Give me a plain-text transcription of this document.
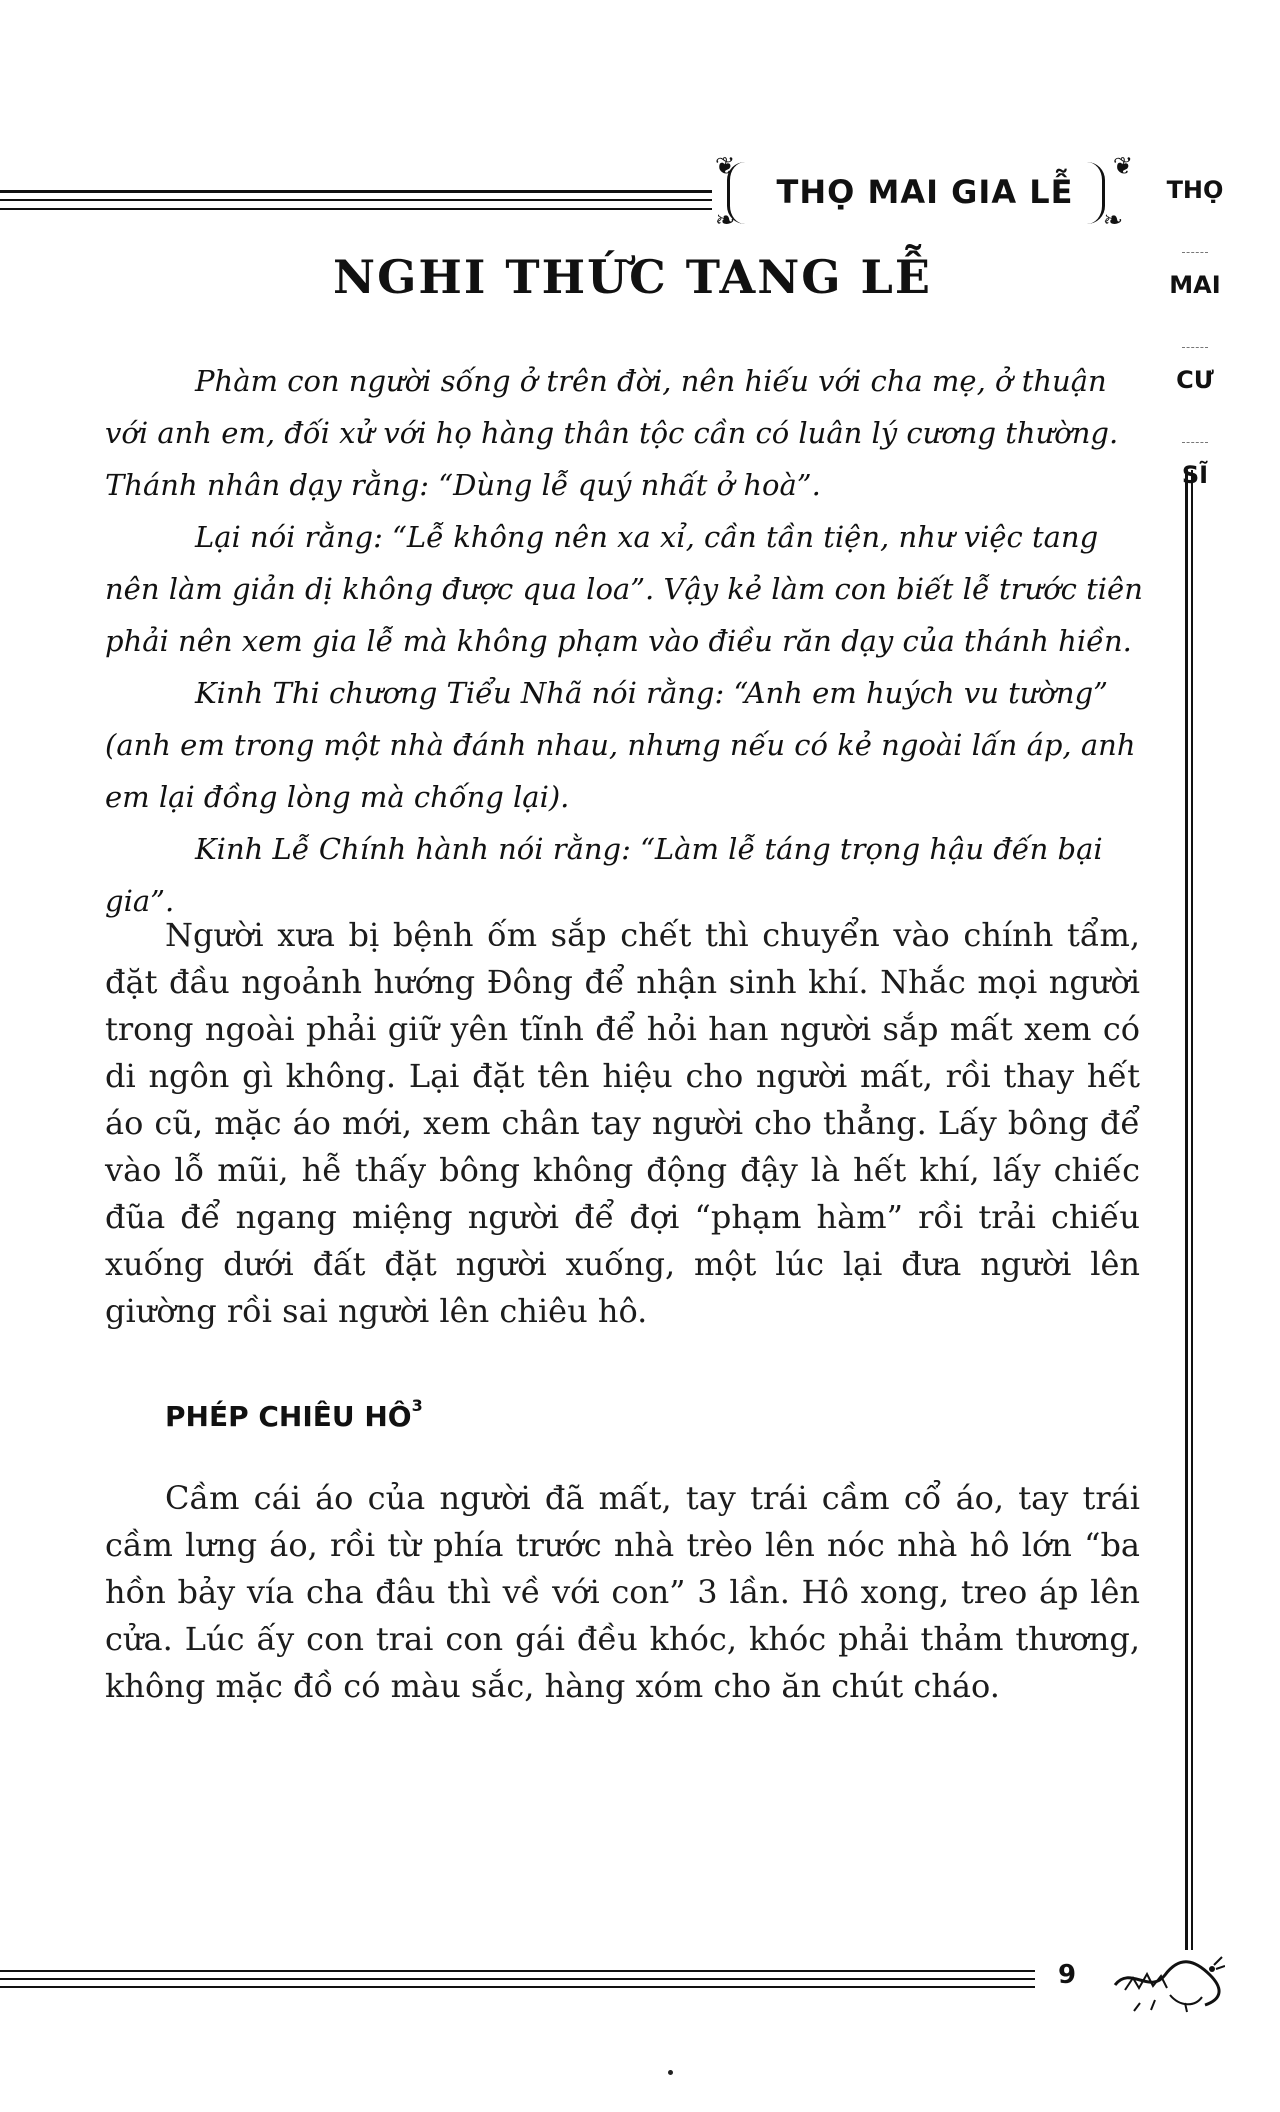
❦
❧
❦
❧
THỌ MAI GIA LỄ	THỌ
MAI
CƯ
SĨ
NGHI THỨC TANG LỄ

Phàm con người sống ở trên đời, nên hiếu với cha mẹ, ở thuận với anh em, đối xử với họ hàng thân tộc cần có luân lý cương thường. Thánh nhân dạy rằng: “Dùng lễ quý nhất ở hoà”.

Lại nói rằng: “Lễ không nên xa xỉ, cần tần tiện, như việc tang nên làm giản dị không được qua loa”. Vậy kẻ làm con biết lễ trước tiên phải nên xem gia lễ mà không phạm vào điều răn dạy của thánh hiền.

Kinh Thi chương Tiểu Nhã nói rằng: “Anh em huých vu tường” (anh em trong một nhà đánh nhau, nhưng nếu có kẻ ngoài lấn áp, anh em lại đồng lòng mà chống lại).

Kinh Lễ Chính hành nói rằng: “Làm lễ táng trọng hậu đến bại gia”.

Người xưa bị bệnh ốm sắp chết thì chuyển vào chính tẩm, đặt đầu ngoảnh hướng Đông để nhận sinh khí. Nhắc mọi người trong ngoài phải giữ yên tĩnh để hỏi han người sắp mất xem có di ngôn gì không. Lại đặt tên hiệu cho người mất, rồi thay hết áo cũ, mặc áo mới, xem chân tay người cho thẳng. Lấy bông để vào lỗ mũi, hễ thấy bông không động đậy là hết khí, lấy chiếc đũa để ngang miệng người để đợi “phạm hàm” rồi trải chiếu xuống dưới đất đặt người xuống, một lúc lại đưa người lên giường rồi sai người lên chiêu hô.

PHÉP CHIÊU $HÔ^3$

Cầm cái áo của người đã mất, tay trái cầm cổ áo, tay trái cầm lưng áo, rồi từ phía trước nhà trèo lên nóc nhà hô lớn “ba hồn bảy vía cha đâu thì về với con” 3 lần. Hô xong, treo áp lên cửa. Lúc ấy con trai con gái đều khóc, khóc phải thảm thương, không mặc đồ có màu sắc, hàng xóm cho ăn chút cháo.

9
